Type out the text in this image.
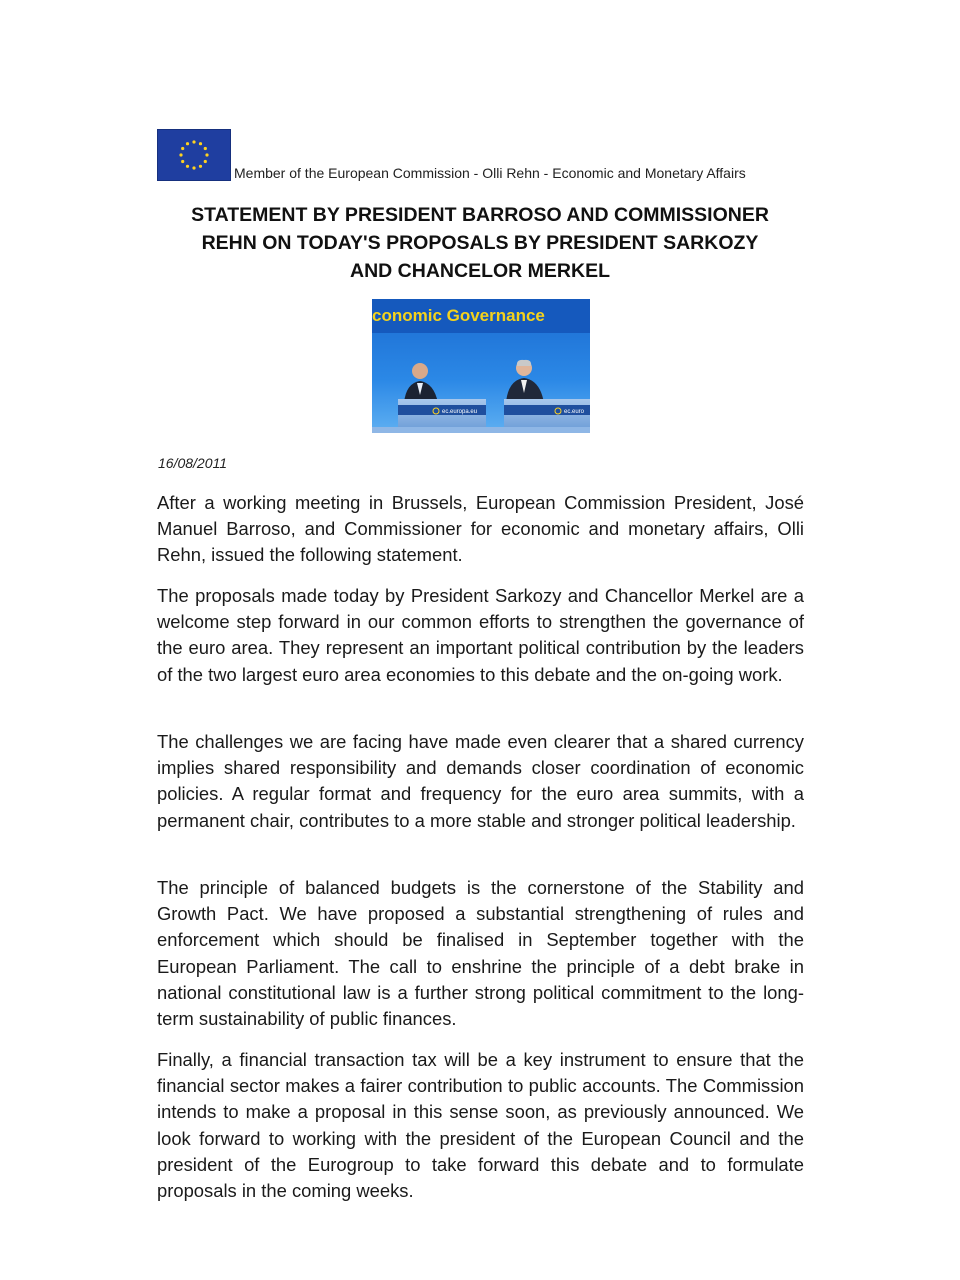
Member of the European Commission - Olli Rehn - Economic and Monetary Affairs
STATEMENT BY PRESIDENT BARROSO AND COMMISSIONER
REHN ON TODAY'S PROPOSALS BY PRESIDENT SARKOZY
AND CHANCELOR MERKEL
conomic Governance
ec.europa.eu	ec.euro
16/08/2011

After a working meeting in Brussels, European Commission President, José Manuel Barroso, and Commissioner for economic and monetary affairs, Olli Rehn, issued the following statement.

The proposals made today by President Sarkozy and Chancellor Merkel are a welcome step forward in our common efforts to strengthen the governance of the euro area. They represent an important political contribution by the leaders of the two largest euro area economies to this debate and the on-going work.

The challenges we are facing have made even clearer that a shared currency implies shared responsibility and demands closer coordination of economic policies. A regular format and frequency for the euro area summits, with a permanent chair, contributes to a more stable and stronger political leadership.

The principle of balanced budgets is the cornerstone of the Stability and Growth Pact. We have proposed a substantial strengthening of rules and enforcement which should be finalised in September together with the European Parliament. The call to enshrine the principle of a debt brake in national constitutional law is a further strong political commitment to the long-term sustainability of public finances.

Finally, a financial transaction tax will be a key instrument to ensure that the financial sector makes a fairer contribution to public accounts. The Commission intends to make a proposal in this sense soon, as previously announced. We look forward to working with the president of the European Council and the president of the Eurogroup to take forward this debate and to formulate proposals in the coming weeks.
